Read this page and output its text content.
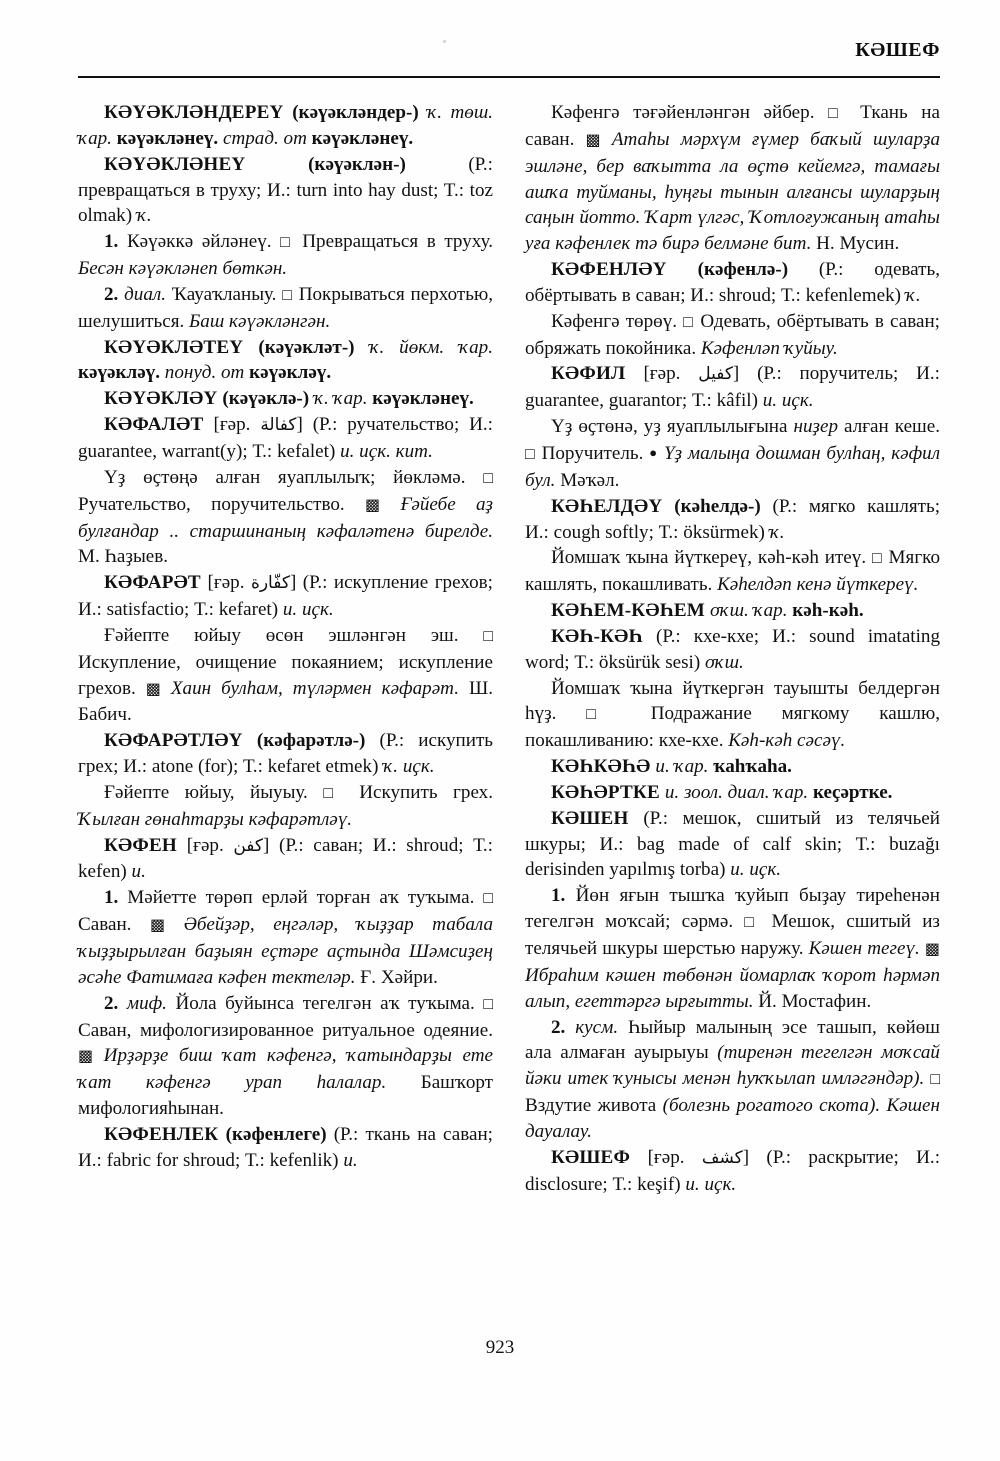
КӘШЕФ

КӘҮӘКЛӘНДЕРЕҮ (кәүәкләндер-) ҡ. төш. ҡар. кәүәкләнеү. страд. от кәүәкләнеү.

КӘҮӘКЛӘНЕҮ (кәүәклән-) (Р.: превращаться в труху; И.: turn into hay dust; T.: toz olmak) ҡ.

1. Кәүәккә әйләнеү. □ Превращаться в труху. Бесән кәүәкләнеп бөткән.

2. диал. Ҡауаҡланыу. □ Покрываться перхотью, шелушиться. Баш кәүәкләнгән.

КӘҮӘКЛӘТЕҮ (кәүәкләт-) ҡ. йөкм. ҡар. кәүәкләү. понуд. от кәүәкләү.

КӘҮӘКЛӘҮ (кәүәклә-) ҡ. ҡар. кәүәкләнеү.

КӘФАЛӘТ [ғәр. كفالة] (Р.: ручательство; И.: guarantee, warrant(y); Т.: kefalet) и. иҫк. кит.

Үҙ өҫтөңә алған яуаплылыҡ; йөкләмә. □ Ручательство, поручительство. ▩ Ғәйебе аҙ булғандар .. старшинаның кәфаләтенә бирелде. М. Һаҙыев.

КӘФАРӘТ [ғәр. كفّارة] (Р.: искупление грехов; И.: satisfactio; Т.: kefaret) и. иҫк.

Ғәйепте юйыу өсөн эшләнгән эш. □ Искупление, очищение покаянием; искупление грехов. ▩ Хаин булһам, түләрмен кәфарәт. Ш. Бабич.

КӘФАРӘТЛӘҮ (кәфарәтлә-) (Р.: искупить грех; И.: atone (for); Т.: kefaret etmek) ҡ. иҫк.

Ғәйепте юйыу, йыуыу. □ Искупить грех. Ҡылған гөнаһтарҙы кәфарәтләү.

КӘФЕН [ғәр. كفن] (Р.: саван; И.: shroud; Т.: kefen) и.

1. Мәйетте төрөп ерләй торған аҡ туҡыма. □ Саван. ▩ Әбейҙәр, еңгәләр, ҡыҙҙар табала ҡыҙҙырылған баҙыян еҫтәре аҫтында Шәмсиҙең әсәһе Фатимаға кәфен тектеләр. Ғ. Хәйри.

2. миф. Йола буйынса тегелгән аҡ туҡыма. □ Саван, мифологизированное ритуальное одеяние. ▩ Ирҙәрҙе биш ҡат кәфенгә, ҡатындарҙы ете ҡат кәфенгә урап һалалар. Башҡорт мифологияһынан.

КӘФЕНЛЕК (кәфенлеге) (Р.: ткань на саван; И.: fabric for shroud; Т.: kefenlik) и.

Кәфенгә тәғәйенләнгән әйбер. □ Ткань на саван. ▩ Атаһы мәрхүм ғүмер баҡый шуларҙа эшләне, бер ваҡытта ла өҫтө кейемгә, тамағы ашҡа туйманы, һуңғы тынын алғансы шуларҙың саңын йотто. Ҡарт үлгәс, Ҡотлоғужаның атаһы уға кәфенлек тә бирә белмәне бит. Н. Мусин.

КӘФЕНЛӘҮ (кәфенлә-) (Р.: одевать, обёртывать в саван; И.: shroud; Т.: kefenlemek) ҡ.

Кәфенгә төрөү. □ Одевать, обёртывать в саван; обряжать покойника. Кәфенләп ҡуйыу.

КӘФИЛ [ғәр. كفيل] (Р.: поручитель; И.: guarantee, guarantor; Т.: kâfil) и. иҫк.

Үҙ өҫтөнә, уҙ яуаплылығына ниҙер алған кеше. □ Поручитель. ● Үҙ малыңа дошман булһаң, кәфил бул. Мәҡәл.

КӘҺЕЛДӘҮ (кәһелдә-) (Р.: мягко кашлять; И.: cough softly; Т.: öksürmek) ҡ.

Йомшаҡ ҡына йүткереү, кәһ-кәһ итеү. □ Мягко кашлять, покашливать. Кәһелдәп кенә йүткереү.

КӘҺЕМ-КӘҺЕМ оҡш. ҡар. кәһ-кәһ.

КӘҺ-КӘҺ (Р.: кхе-кхе; И.: sound imatating word; Т.: öksürük sesi) оҡш.

Йомшаҡ ҡына йүткергән тауышты белдергән һүҙ. □ Подражание мягкому кашлю, покашливанию: кхе-кхе. Кәһ-кәһ сәсәү.

КӘҺКӘҺӘ и. ҡар. ҡаһҡаһа.

КӘҺӘРТКЕ и. зоол. диал. ҡар. кеҫәртке.

КӘШЕН (Р.: мешок, сшитый из телячьей шкуры; И.: bag made of calf skin; Т.: buzağı derisinden yapılmış torba) и. иҫк.

1. Йөн яғын тышҡа ҡуйып быҙау тиреһенән тегелгән моҡсай; сәрмә. □ Мешок, сшитый из телячьей шкуры шерстью наружу. Кәшен тегеү. ▩ Ибраһим кәшен төбөнән йомарлаҡ ҡорот һәрмәп алып, егеттәргә ырғытты. Й. Мостафин.

2. кусм. Һыйыр малының эсе ташып, көйөш ала алмаған ауырыуы (тиренән тегелгән моҡсай йәки итек ҡунысы менән һуҡҡылап имләгәндәр). □ Вздутие живота (болезнь рогатого скота). Кәшен дауалау.

КӘШЕФ [ғәр. كشف] (Р.: раскрытие; И.: disclosure; Т.: keşif) и. иҫк.

923
